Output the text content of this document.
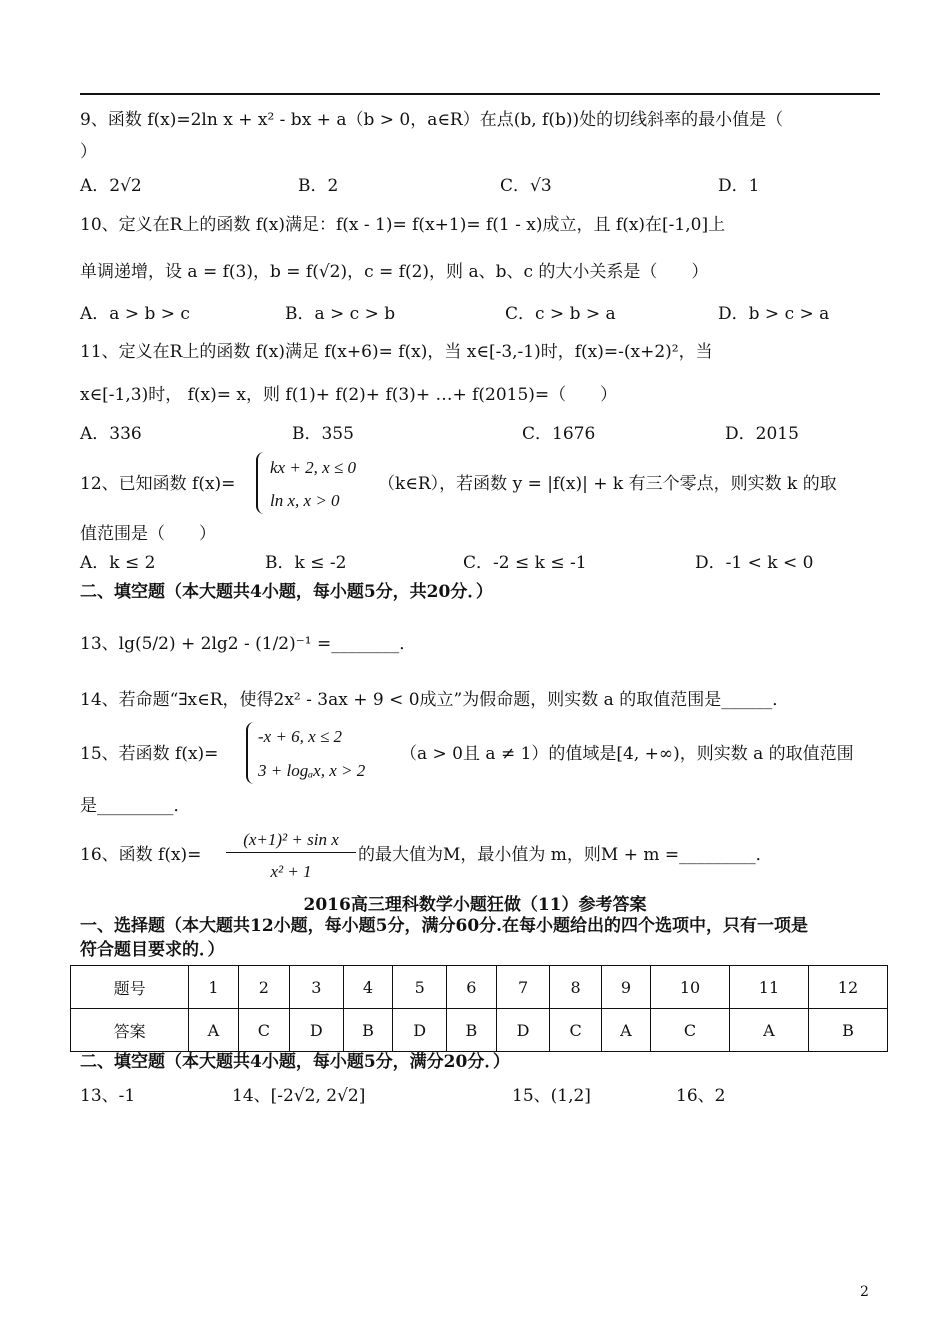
9、函数 f(x)=2ln x + x² - bx + a（b > 0，a∈R）在点(b, f(b))处的切线斜率的最小值是（
）
A．2√2	B．2	C．√3	D．1
10、定义在R上的函数 f(x)满足：f(x - 1)= f(x+1)= f(1 - x)成立，且 f(x)在[-1,0]上
单调递增，设 a = f(3)，b = f(√2)，c = f(2)，则 a、b、c 的大小关系是（　　）
A．a > b > c	B．a > c > b	C．c > b > a	D．b > c > a
11、定义在R上的函数 f(x)满足 f(x+6)= f(x)，当 x∈[-3,-1)时，f(x)=-(x+2)²，当
x∈[-1,3)时， f(x)= x，则 f(1)+ f(2)+ f(3)+ …+ f(2015)=（　　）
A．336	B．355	C．1676	D．2015
12、已知函数 f(x)=
kx + 2, x ≤ 0
ln x, x > 0
（k∈R），若函数 y = |f(x)| + k 有三个零点，则实数 k 的取
值范围是（　　）
A．k ≤ 2	B．k ≤ -2	C．-2 ≤ k ≤ -1	D．-1 < k < 0
二、填空题（本大题共4小题，每小题5分，共20分．）
13、lg(5/2) + 2lg2 - (1/2)⁻¹ =________．
14、若命题“∃x∈R，使得2x² - 3ax + 9 < 0成立”为假命题，则实数 a 的取值范围是______．
15、若函数 f(x)=
-x + 6, x ≤ 2
3 + logₐx, x > 2
（a > 0且 a ≠ 1）的值域是[4, +∞)，则实数 a 的取值范围
是_________．
16、函数 f(x)=
(x+1)² + sin x
x² + 1
的最大值为M，最小值为 m，则M + m =_________．
2016高三理科数学小题狂做（11）参考答案
一、选择题（本大题共12小题，每小题5分，满分60分.在每小题给出的四个选项中，只有一项是
符合题目要求的．）
题号	1	2	3	4	5	6	7	8	9	10	11	12
答案	A	C	D	B	D	B	D	C	A	C	A	B
二、填空题（本大题共4小题，每小题5分，满分20分．）
13、-1	14、[-2√2, 2√2]	15、(1,2]	16、2
2
